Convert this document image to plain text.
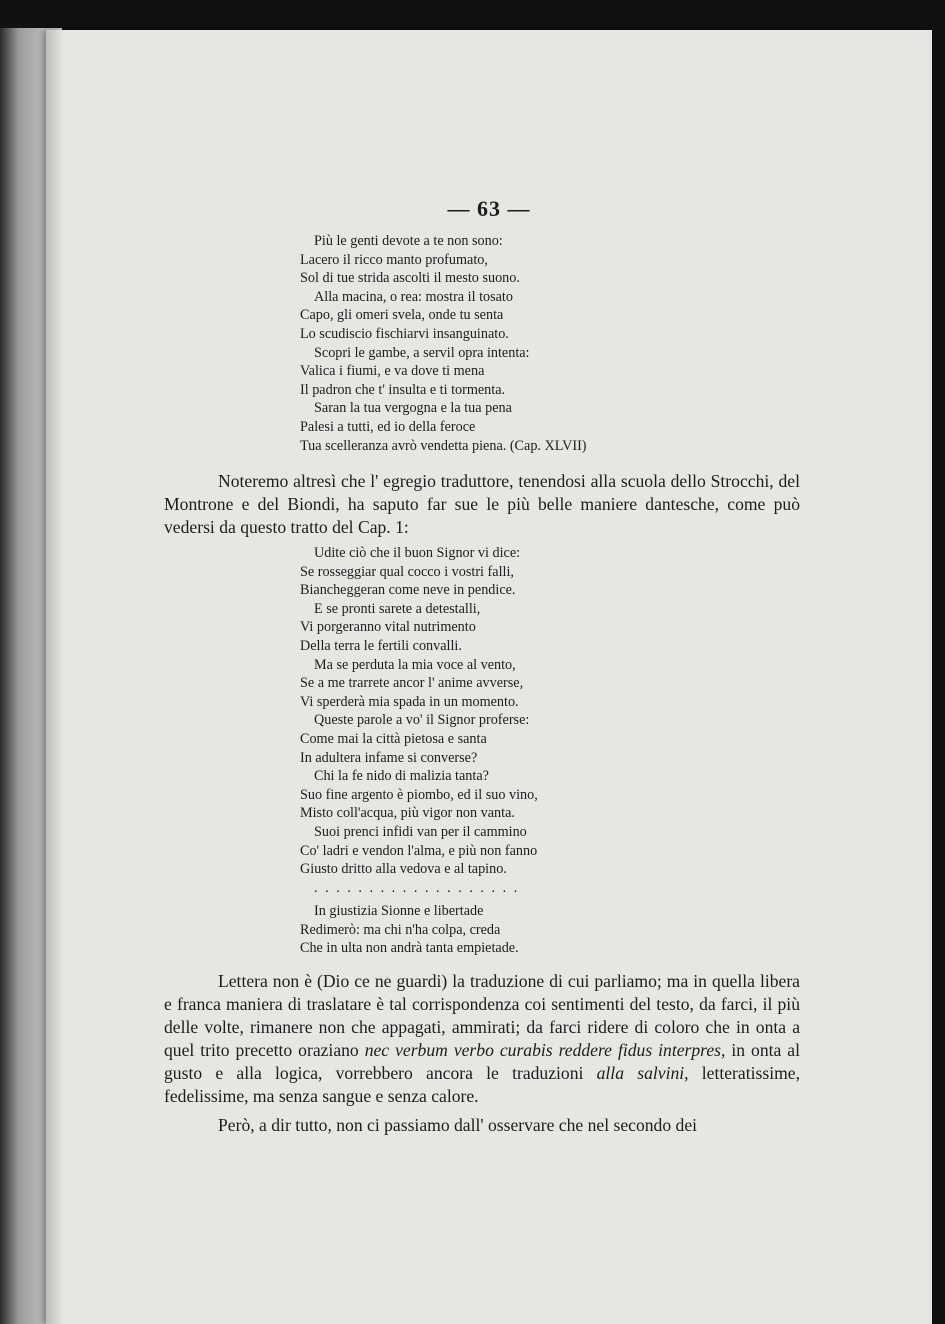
— 63 —
Più le genti devote a te non sono:
Lacero il ricco manto profumato,
Sol di tue strida ascolti il mesto suono.
Alla macina, o rea: mostra il tosato
Capo, gli omeri svela, onde tu senta
Lo scudiscio fischiarvi insanguinato.
Scopri le gambe, a servil opra intenta:
Valica i fiumi, e va dove ti mena
Il padron che t' insulta e ti tormenta.
Saran la tua vergogna e la tua pena
Palesi a tutti, ed io della feroce
Tua scelleranza avrò vendetta piena. (Cap. XLVII)

Noteremo altresì che l' egregio traduttore, tenendosi alla scuola dello Strocchi, del Montrone e del Biondi, ha saputo far sue le più belle maniere dantesche, come può vedersi da questo tratto del Cap. 1:

Udite ciò che il buon Signor vi dice:
Se rosseggiar qual cocco i vostri falli,
Biancheggeran come neve in pendice.
E se pronti sarete a detestalli,
Vi porgeranno vital nutrimento
Della terra le fertili convalli.
Ma se perduta la mia voce al vento,
Se a me trarrete ancor l' anime avverse,
Vi sperderà mia spada in un momento.
Queste parole a vo' il Signor proferse:
Come mai la città pietosa e santa
In adultera infame si converse?
Chi la fe nido di malizia tanta?
Suo fine argento è piombo, ed il suo vino,
Misto coll'acqua, più vigor non vanta.
Suoi prenci infidi van per il cammino
Co' ladri e vendon l'alma, e più non fanno
Giusto dritto alla vedova e al tapino.
. . . . . . . . . . . . . . . . . . .
In giustizia Sionne e libertade
Redimerò: ma chi n'ha colpa, creda
Che in ulta non andrà tanta empietade.

Lettera non è (Dio ce ne guardi) la traduzione di cui parliamo; ma in quella libera e franca maniera di traslatare è tal corrispondenza coi sentimenti del testo, da farci, il più delle volte, rimanere non che appagati, ammirati; da farci ridere di coloro che in onta a quel trito precetto oraziano nec verbum verbo curabis reddere fidus interpres, in onta al gusto e alla logica, vorrebbero ancora le traduzioni alla salvini, letteratissime, fedelissime, ma senza sangue e senza calore.

Però, a dir tutto, non ci passiamo dall' osservare che nel secondo dei
